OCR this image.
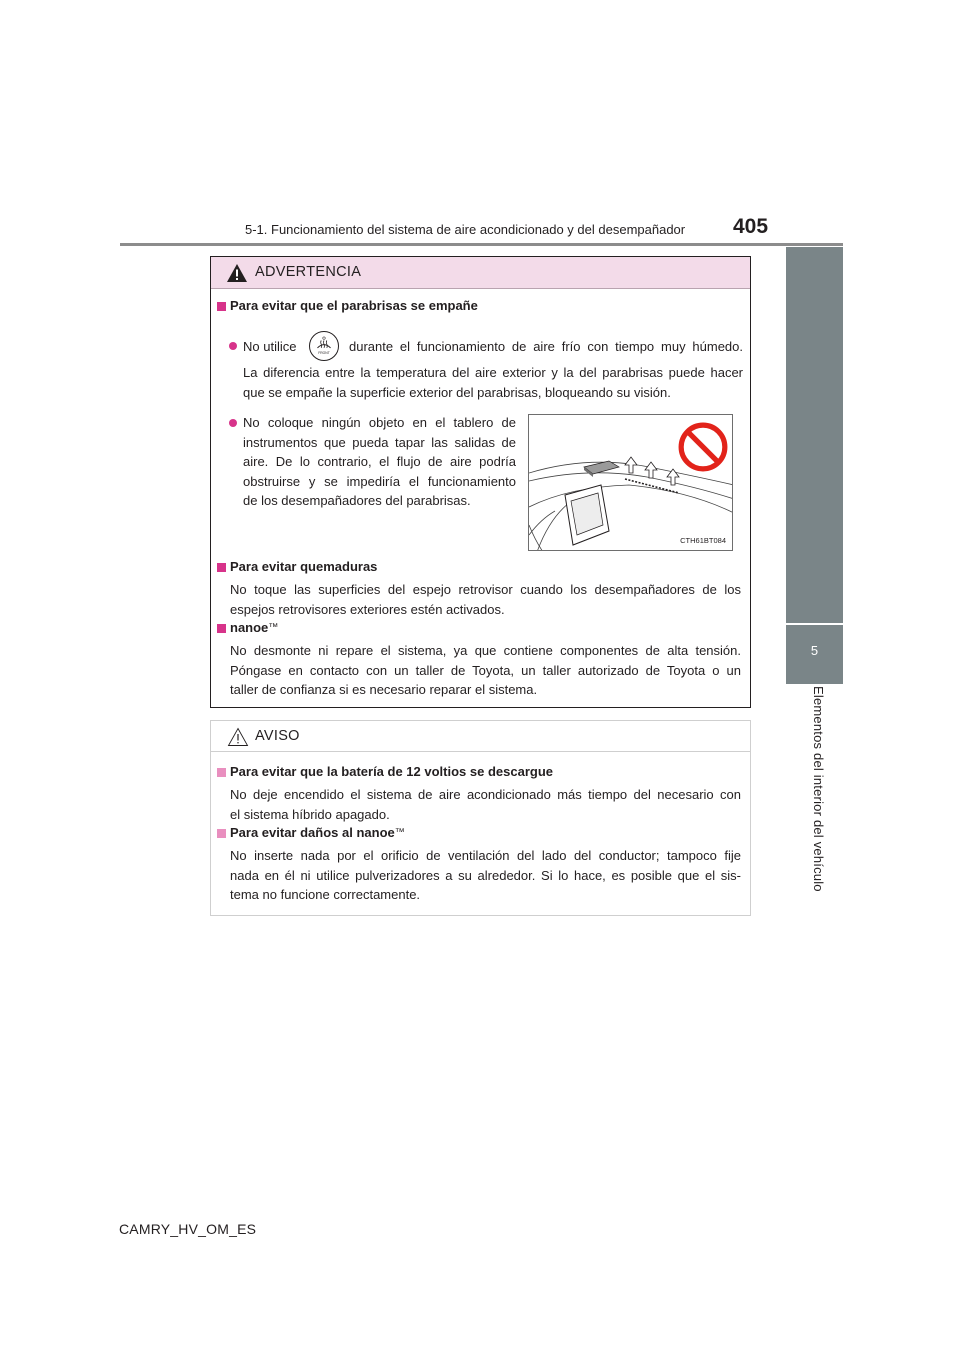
5-1. Funcionamiento del sistema de aire acondicionado y del desempañador 405
5
Elementos del interior del vehículo
ADVERTENCIA
Para evitar que el parabrisas se empañe
No utilice	FRONT durante el funcionamiento de aire frío con tiempo muy húmedo.
La diferencia entre la temperatura del aire exterior y la del parabrisas puede hacer
que se empañe la superficie exterior del parabrisas, bloqueando su visión.
No coloque ningún objeto en el tablero de
instrumentos que pueda tapar las salidas de
aire. De lo contrario, el flujo de aire podría
obstruirse y se impediría el funcionamiento
de los desempañadores del parabrisas.
CTH61BT084
Para evitar quemaduras
No toque las superficies del espejo retrovisor cuando los desempañadores de los
espejos retrovisores exteriores estén activados.
nanoe™
No desmonte ni repare el sistema, ya que contiene componentes de alta tensión.
Póngase en contacto con un taller de Toyota, un taller autorizado de Toyota o un
taller de confianza si es necesario reparar el sistema.
AVISO
Para evitar que la batería de 12 voltios se descargue
No deje encendido el sistema de aire acondicionado más tiempo del necesario con
el sistema híbrido apagado.
Para evitar daños al nanoe™
No inserte nada por el orificio de ventilación del lado del conductor; tampoco fije
nada en él ni utilice pulverizadores a su alrededor. Si lo hace, es posible que el sis-
tema no funcione correctamente.
CAMRY_HV_OM_ES
